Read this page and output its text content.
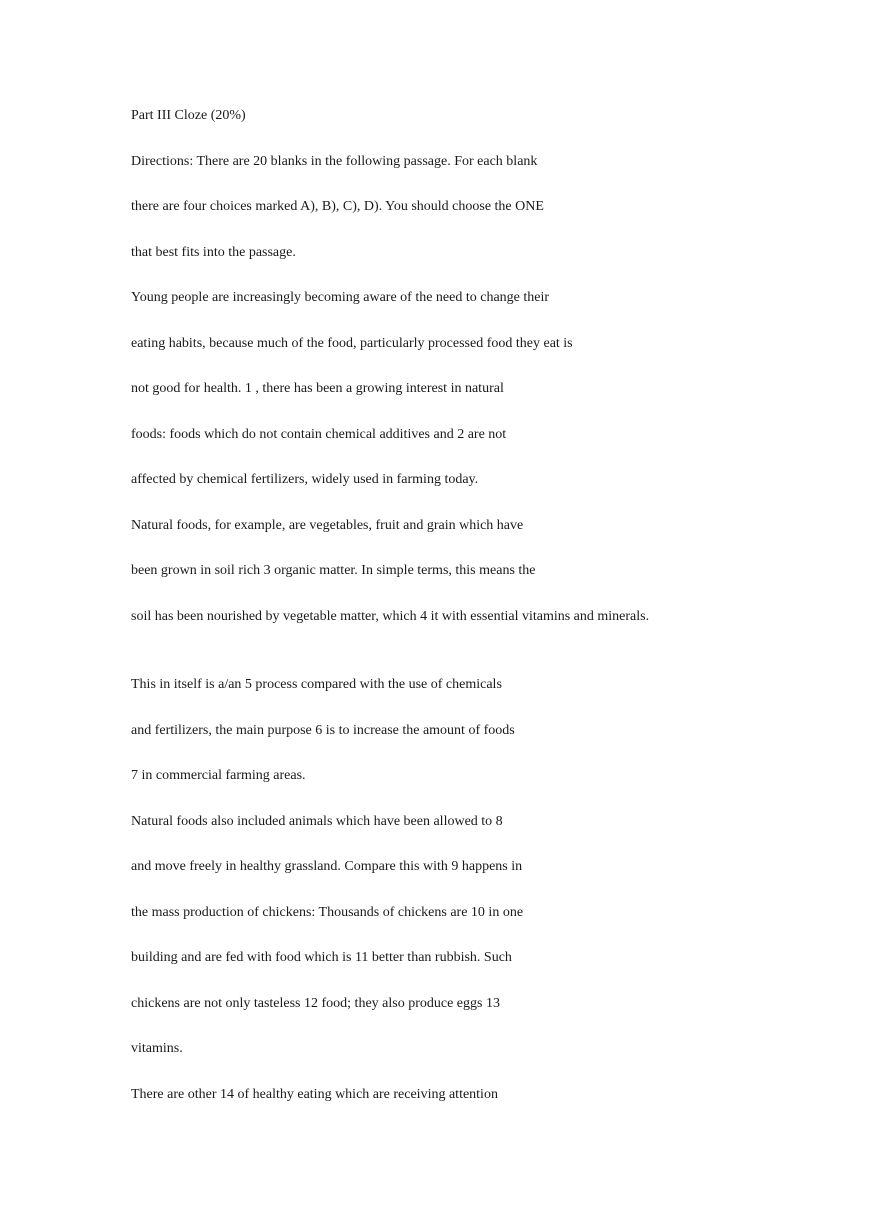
Part III Cloze (20%)

Directions: There are 20 blanks in the following passage. For each blank

there are four choices marked A), B), C), D). You should choose the ONE

that best fits into the passage.

Young people are increasingly becoming aware of the need to change their

eating habits, because much of the food, particularly processed food they eat is

not good for health. 1 , there has been a growing interest in natural

foods: foods which do not contain chemical additives and 2 are not

affected by chemical fertilizers, widely used in farming today.

Natural foods, for example, are vegetables, fruit and grain which have

been grown in soil rich 3 organic matter. In simple terms, this means the

soil has been nourished by vegetable matter, which 4 it with essential vitamins and minerals.

This in itself is a/an 5 process compared with the use of chemicals

and fertilizers, the main purpose 6 is to increase the amount of foods

7 in commercial farming areas.

Natural foods also included animals which have been allowed to 8

and move freely in healthy grassland. Compare this with 9 happens in

the mass production of chickens: Thousands of chickens are 10 in one

building and are fed with food which is 11 better than rubbish. Such

chickens are not only tasteless 12 food; they also produce eggs 13

vitamins.

There are other 14 of healthy eating which are receiving attention
